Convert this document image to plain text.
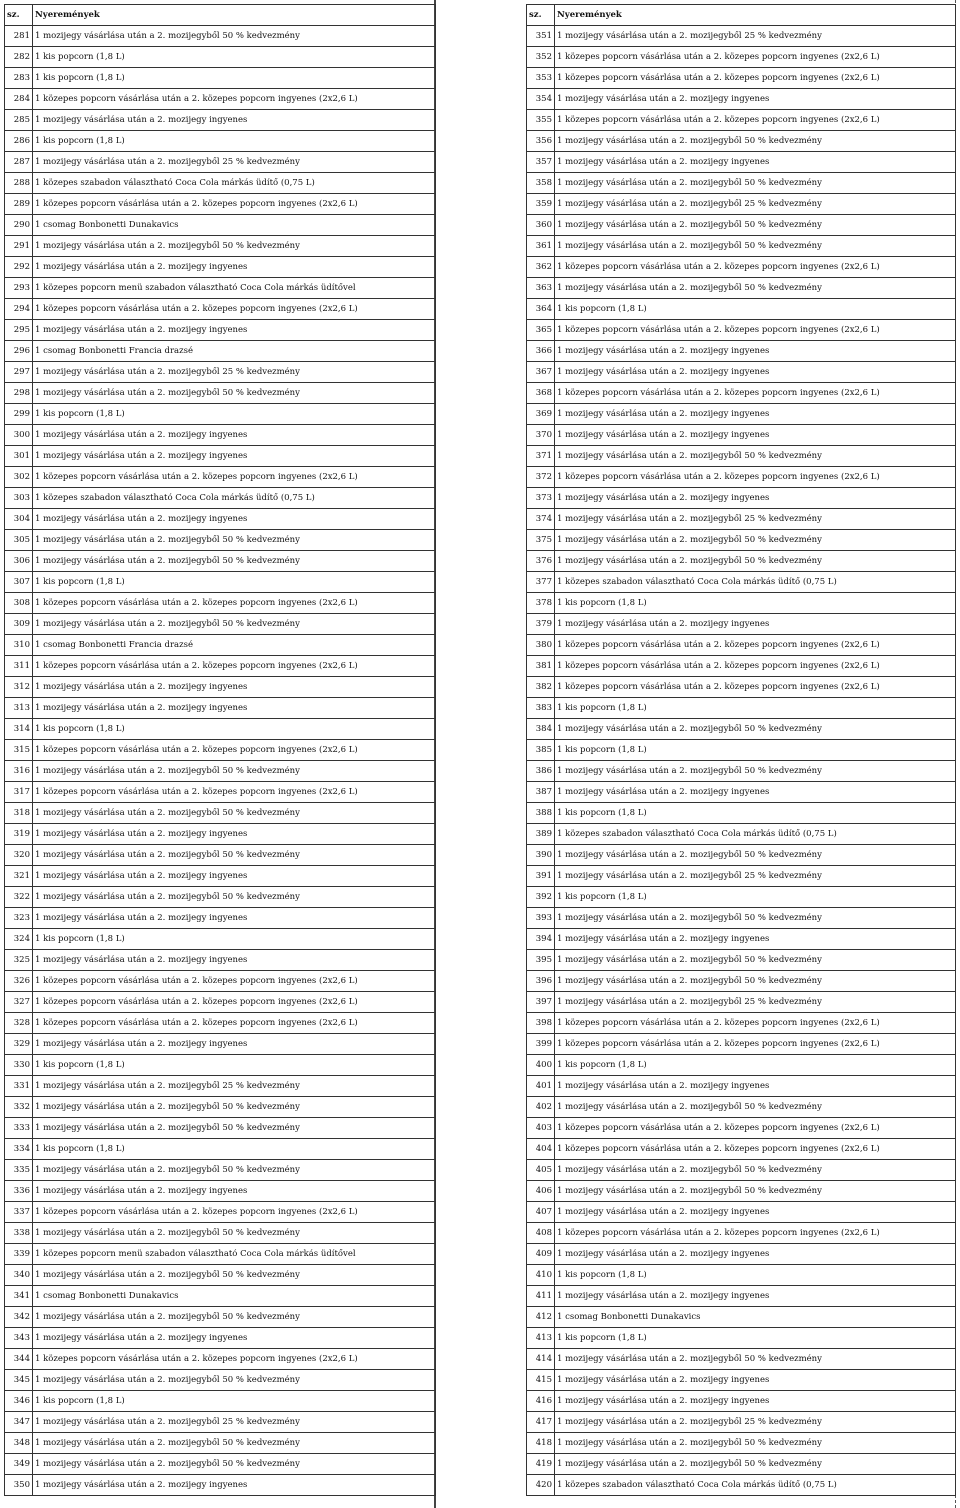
sz.	Nyeremények
281	1 mozijegy vásárlása után a 2. mozijegyből 50 % kedvezmény
282	1 kis popcorn (1,8 L)
283	1 kis popcorn (1,8 L)
284	1 közepes popcorn vásárlása után a 2. közepes popcorn ingyenes (2x2,6 L)
285	1 mozijegy vásárlása után a 2. mozijegy ingyenes
286	1 kis popcorn (1,8 L)
287	1 mozijegy vásárlása után a 2. mozijegyből 25 % kedvezmény
288	1 közepes szabadon választható Coca Cola márkás üdítő (0,75 L)
289	1 közepes popcorn vásárlása után a 2. közepes popcorn ingyenes (2x2,6 L)
290	1 csomag Bonbonetti Dunakavics
291	1 mozijegy vásárlása után a 2. mozijegyből 50 % kedvezmény
292	1 mozijegy vásárlása után a 2. mozijegy ingyenes
293	1 közepes popcorn menü szabadon választható Coca Cola márkás üdítővel
294	1 közepes popcorn vásárlása után a 2. közepes popcorn ingyenes (2x2,6 L)
295	1 mozijegy vásárlása után a 2. mozijegy ingyenes
296	1 csomag Bonbonetti Francia drazsé
297	1 mozijegy vásárlása után a 2. mozijegyből 25 % kedvezmény
298	1 mozijegy vásárlása után a 2. mozijegyből 50 % kedvezmény
299	1 kis popcorn (1,8 L)
300	1 mozijegy vásárlása után a 2. mozijegy ingyenes
301	1 mozijegy vásárlása után a 2. mozijegy ingyenes
302	1 közepes popcorn vásárlása után a 2. közepes popcorn ingyenes (2x2,6 L)
303	1 közepes szabadon választható Coca Cola márkás üdítő (0,75 L)
304	1 mozijegy vásárlása után a 2. mozijegy ingyenes
305	1 mozijegy vásárlása után a 2. mozijegyből 50 % kedvezmény
306	1 mozijegy vásárlása után a 2. mozijegyből 50 % kedvezmény
307	1 kis popcorn (1,8 L)
308	1 közepes popcorn vásárlása után a 2. közepes popcorn ingyenes (2x2,6 L)
309	1 mozijegy vásárlása után a 2. mozijegyből 50 % kedvezmény
310	1 csomag Bonbonetti Francia drazsé
311	1 közepes popcorn vásárlása után a 2. közepes popcorn ingyenes (2x2,6 L)
312	1 mozijegy vásárlása után a 2. mozijegy ingyenes
313	1 mozijegy vásárlása után a 2. mozijegy ingyenes
314	1 kis popcorn (1,8 L)
315	1 közepes popcorn vásárlása után a 2. közepes popcorn ingyenes (2x2,6 L)
316	1 mozijegy vásárlása után a 2. mozijegyből 50 % kedvezmény
317	1 közepes popcorn vásárlása után a 2. közepes popcorn ingyenes (2x2,6 L)
318	1 mozijegy vásárlása után a 2. mozijegyből 50 % kedvezmény
319	1 mozijegy vásárlása után a 2. mozijegy ingyenes
320	1 mozijegy vásárlása után a 2. mozijegyből 50 % kedvezmény
321	1 mozijegy vásárlása után a 2. mozijegy ingyenes
322	1 mozijegy vásárlása után a 2. mozijegyből 50 % kedvezmény
323	1 mozijegy vásárlása után a 2. mozijegy ingyenes
324	1 kis popcorn (1,8 L)
325	1 mozijegy vásárlása után a 2. mozijegy ingyenes
326	1 közepes popcorn vásárlása után a 2. közepes popcorn ingyenes (2x2,6 L)
327	1 közepes popcorn vásárlása után a 2. közepes popcorn ingyenes (2x2,6 L)
328	1 közepes popcorn vásárlása után a 2. közepes popcorn ingyenes (2x2,6 L)
329	1 mozijegy vásárlása után a 2. mozijegy ingyenes
330	1 kis popcorn (1,8 L)
331	1 mozijegy vásárlása után a 2. mozijegyből 25 % kedvezmény
332	1 mozijegy vásárlása után a 2. mozijegyből 50 % kedvezmény
333	1 mozijegy vásárlása után a 2. mozijegyből 50 % kedvezmény
334	1 kis popcorn (1,8 L)
335	1 mozijegy vásárlása után a 2. mozijegyből 50 % kedvezmény
336	1 mozijegy vásárlása után a 2. mozijegy ingyenes
337	1 közepes popcorn vásárlása után a 2. közepes popcorn ingyenes (2x2,6 L)
338	1 mozijegy vásárlása után a 2. mozijegyből 50 % kedvezmény
339	1 közepes popcorn menü szabadon választható Coca Cola márkás üdítővel
340	1 mozijegy vásárlása után a 2. mozijegyből 50 % kedvezmény
341	1 csomag Bonbonetti Dunakavics
342	1 mozijegy vásárlása után a 2. mozijegyből 50 % kedvezmény
343	1 mozijegy vásárlása után a 2. mozijegy ingyenes
344	1 közepes popcorn vásárlása után a 2. közepes popcorn ingyenes (2x2,6 L)
345	1 mozijegy vásárlása után a 2. mozijegyből 50 % kedvezmény
346	1 kis popcorn (1,8 L)
347	1 mozijegy vásárlása után a 2. mozijegyből 25 % kedvezmény
348	1 mozijegy vásárlása után a 2. mozijegyből 50 % kedvezmény
349	1 mozijegy vásárlása után a 2. mozijegyből 50 % kedvezmény
350	1 mozijegy vásárlása után a 2. mozijegy ingyenes
sz.	Nyeremények
351	1 mozijegy vásárlása után a 2. mozijegyből 25 % kedvezmény
352	1 közepes popcorn vásárlása után a 2. közepes popcorn ingyenes (2x2,6 L)
353	1 közepes popcorn vásárlása után a 2. közepes popcorn ingyenes (2x2,6 L)
354	1 mozijegy vásárlása után a 2. mozijegy ingyenes
355	1 közepes popcorn vásárlása után a 2. közepes popcorn ingyenes (2x2,6 L)
356	1 mozijegy vásárlása után a 2. mozijegyből 50 % kedvezmény
357	1 mozijegy vásárlása után a 2. mozijegy ingyenes
358	1 mozijegy vásárlása után a 2. mozijegyből 50 % kedvezmény
359	1 mozijegy vásárlása után a 2. mozijegyből 25 % kedvezmény
360	1 mozijegy vásárlása után a 2. mozijegyből 50 % kedvezmény
361	1 mozijegy vásárlása után a 2. mozijegyből 50 % kedvezmény
362	1 közepes popcorn vásárlása után a 2. közepes popcorn ingyenes (2x2,6 L)
363	1 mozijegy vásárlása után a 2. mozijegyből 50 % kedvezmény
364	1 kis popcorn (1,8 L)
365	1 közepes popcorn vásárlása után a 2. közepes popcorn ingyenes (2x2,6 L)
366	1 mozijegy vásárlása után a 2. mozijegy ingyenes
367	1 mozijegy vásárlása után a 2. mozijegy ingyenes
368	1 közepes popcorn vásárlása után a 2. közepes popcorn ingyenes (2x2,6 L)
369	1 mozijegy vásárlása után a 2. mozijegy ingyenes
370	1 mozijegy vásárlása után a 2. mozijegy ingyenes
371	1 mozijegy vásárlása után a 2. mozijegyből 50 % kedvezmény
372	1 közepes popcorn vásárlása után a 2. közepes popcorn ingyenes (2x2,6 L)
373	1 mozijegy vásárlása után a 2. mozijegy ingyenes
374	1 mozijegy vásárlása után a 2. mozijegyből 25 % kedvezmény
375	1 mozijegy vásárlása után a 2. mozijegyből 50 % kedvezmény
376	1 mozijegy vásárlása után a 2. mozijegyből 50 % kedvezmény
377	1 közepes szabadon választható Coca Cola márkás üdítő (0,75 L)
378	1 kis popcorn (1,8 L)
379	1 mozijegy vásárlása után a 2. mozijegy ingyenes
380	1 közepes popcorn vásárlása után a 2. közepes popcorn ingyenes (2x2,6 L)
381	1 közepes popcorn vásárlása után a 2. közepes popcorn ingyenes (2x2,6 L)
382	1 közepes popcorn vásárlása után a 2. közepes popcorn ingyenes (2x2,6 L)
383	1 kis popcorn (1,8 L)
384	1 mozijegy vásárlása után a 2. mozijegyből 50 % kedvezmény
385	1 kis popcorn (1,8 L)
386	1 mozijegy vásárlása után a 2. mozijegyből 50 % kedvezmény
387	1 mozijegy vásárlása után a 2. mozijegy ingyenes
388	1 kis popcorn (1,8 L)
389	1 közepes szabadon választható Coca Cola márkás üdítő (0,75 L)
390	1 mozijegy vásárlása után a 2. mozijegyből 50 % kedvezmény
391	1 mozijegy vásárlása után a 2. mozijegyből 25 % kedvezmény
392	1 kis popcorn (1,8 L)
393	1 mozijegy vásárlása után a 2. mozijegyből 50 % kedvezmény
394	1 mozijegy vásárlása után a 2. mozijegy ingyenes
395	1 mozijegy vásárlása után a 2. mozijegyből 50 % kedvezmény
396	1 mozijegy vásárlása után a 2. mozijegyből 50 % kedvezmény
397	1 mozijegy vásárlása után a 2. mozijegyből 25 % kedvezmény
398	1 közepes popcorn vásárlása után a 2. közepes popcorn ingyenes (2x2,6 L)
399	1 közepes popcorn vásárlása után a 2. közepes popcorn ingyenes (2x2,6 L)
400	1 kis popcorn (1,8 L)
401	1 mozijegy vásárlása után a 2. mozijegy ingyenes
402	1 mozijegy vásárlása után a 2. mozijegyből 50 % kedvezmény
403	1 közepes popcorn vásárlása után a 2. közepes popcorn ingyenes (2x2,6 L)
404	1 közepes popcorn vásárlása után a 2. közepes popcorn ingyenes (2x2,6 L)
405	1 mozijegy vásárlása után a 2. mozijegyből 50 % kedvezmény
406	1 mozijegy vásárlása után a 2. mozijegyből 50 % kedvezmény
407	1 mozijegy vásárlása után a 2. mozijegy ingyenes
408	1 közepes popcorn vásárlása után a 2. közepes popcorn ingyenes (2x2,6 L)
409	1 mozijegy vásárlása után a 2. mozijegy ingyenes
410	1 kis popcorn (1,8 L)
411	1 mozijegy vásárlása után a 2. mozijegy ingyenes
412	1 csomag Bonbonetti Dunakavics
413	1 kis popcorn (1,8 L)
414	1 mozijegy vásárlása után a 2. mozijegyből 50 % kedvezmény
415	1 mozijegy vásárlása után a 2. mozijegy ingyenes
416	1 mozijegy vásárlása után a 2. mozijegy ingyenes
417	1 mozijegy vásárlása után a 2. mozijegyből 25 % kedvezmény
418	1 mozijegy vásárlása után a 2. mozijegyből 50 % kedvezmény
419	1 mozijegy vásárlása után a 2. mozijegyből 50 % kedvezmény
420	1 közepes szabadon választható Coca Cola márkás üdítő (0,75 L)
